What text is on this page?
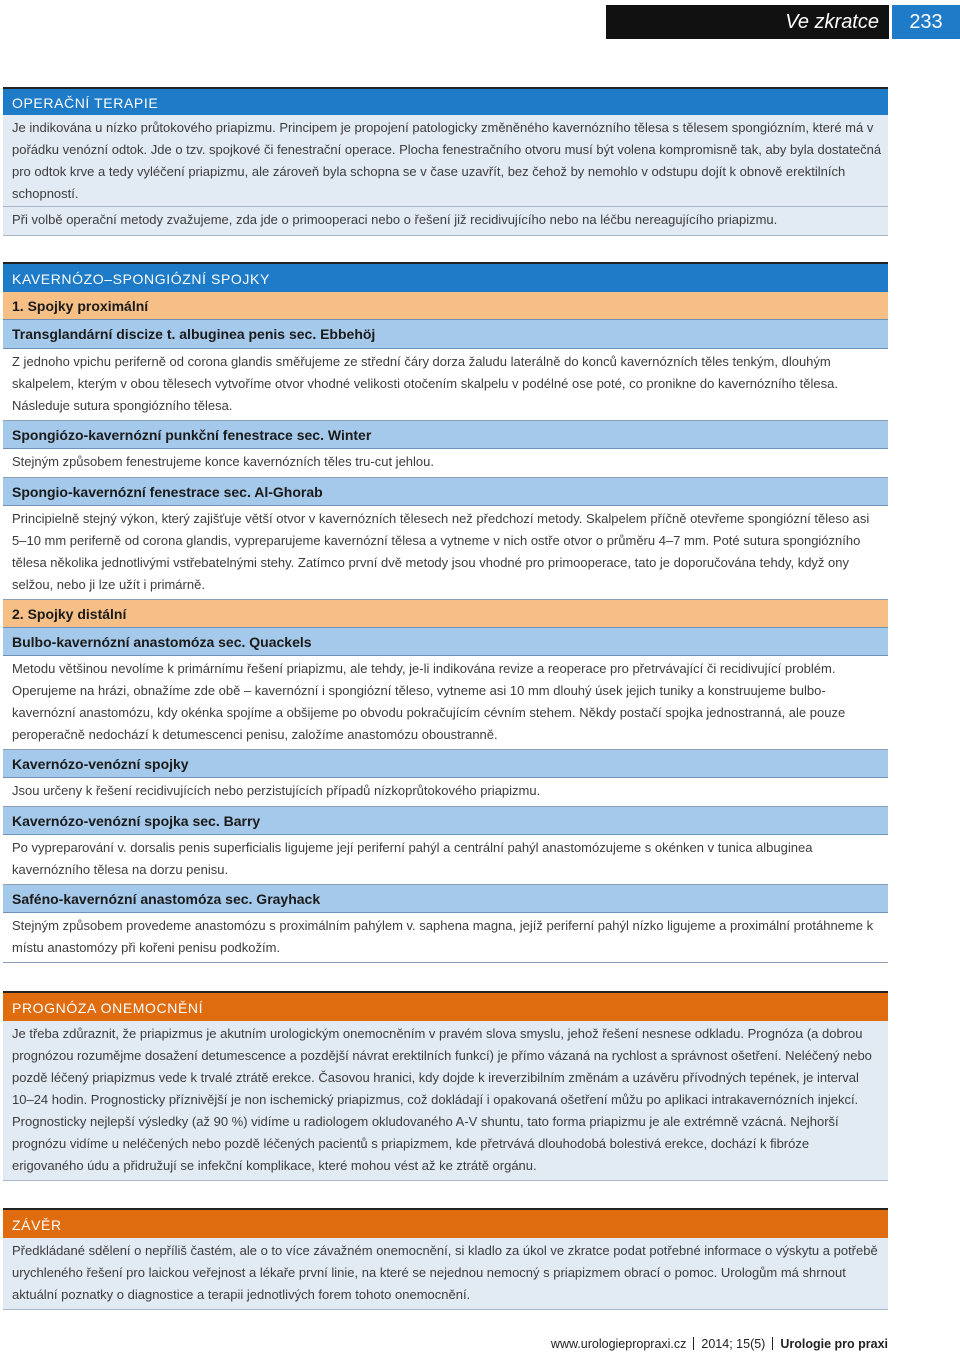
Ve zkratce	233
OPERAČNÍ TERAPIE
Je indikována u nízko průtokového priapizmu. Principem je propojení patologicky změněného kavernózního tělesa s tělesem spongiózním, které má v pořádku venózní odtok. Jde o tzv. spojkové či fenestrační operace. Plocha fenestračního otvoru musí být volena kompromisně tak, aby byla dostatečná pro odtok krve a tedy vyléčení priapizmu, ale zároveň byla schopna se v čase uzavřít, bez čehož by nemohlo v odstupu dojít k obnově erektilních schopností.
Při volbě operační metody zvažujeme, zda jde o primooperaci nebo o řešení již recidivujícího nebo na léčbu nereagujícího priapizmu.
KAVERNÓZO–SPONGIÓZNÍ SPOJKY
1. Spojky proximální
Transglandární discize t. albuginea penis sec. Ebbehöj
Z jednoho vpichu periferně od corona glandis směřujeme ze střední čáry dorza žaludu laterálně do konců kavernózních těles tenkým, dlouhým skalpelem, kterým v obou tělesech vytvoříme otvor vhodné velikosti otočením skalpelu v podélné ose poté, co pronikne do kavernózního tělesa. Následuje sutura spongiózního tělesa.
Spongiózo-kavernózní punkční fenestrace sec. Winter
Stejným způsobem fenestrujeme konce kavernózních těles tru-cut jehlou.
Spongio-kavernózní fenestrace sec. Al-Ghorab
Principielně stejný výkon, který zajišťuje větší otvor v kavernózních tělesech než předchozí metody. Skalpelem příčně otevřeme spongiózní těleso asi 5–10 mm periferně od corona glandis, vypreparujeme kavernózní tělesa a vytneme v nich ostře otvor o průměru 4–7 mm. Poté sutura spongiózního tělesa několika jednotlivými vstřebatelnými stehy. Zatímco první dvě metody jsou vhodné pro primooperace, tato je doporučována tehdy, když ony selžou, nebo ji lze užít i primárně.
2. Spojky distální
Bulbo-kavernózní anastomóza sec. Quackels
Metodu většinou nevolíme k primárnímu řešení priapizmu, ale tehdy, je-li indikována revize a reoperace pro přetrvávající či recidivující problém. Operujeme na hrázi, obnažíme zde obě – kavernózní i spongiózní těleso, vytneme asi 10 mm dlouhý úsek jejich tuniky a konstruujeme bulbo-kavernózní anastomózu, kdy okénka spojíme a obšijeme po obvodu pokračujícím cévním stehem. Někdy postačí spojka jednostranná, ale pouze peroperačně nedochází k detumescenci penisu, založíme anastomózu oboustranně.
Kavernózo-venózní spojky
Jsou určeny k řešení recidivujících nebo perzistujících případů nízkoprůtokového priapizmu.
Kavernózo-venózní spojka sec. Barry
Po vypreparování v. dorsalis penis superficialis ligujeme její periferní pahýl a centrální pahýl anastomózujeme s okénken v tunica albuginea kavernózního tělesa na dorzu penisu.
Saféno-kavernózní anastomóza sec. Grayhack
Stejným způsobem provedeme anastomózu s proximálním pahýlem v. saphena magna, jejíž periferní pahýl nízko ligujeme a proximální protáhneme k místu anastomózy při kořeni penisu podkožím.
PROGNÓZA ONEMOCNĚNÍ
Je třeba zdůraznit, že priapizmus je akutním urologickým onemocněním v pravém slova smyslu, jehož řešení nesnese odkladu. Prognóza (a dobrou prognózou rozumějme dosažení detumescence a pozdější návrat erektilních funkcí) je přímo vázaná na rychlost a správnost ošetření. Neléčený nebo pozdě léčený priapizmus vede k trvalé ztrátě erekce. Časovou hranici, kdy dojde k ireverzibilním změnám a uzávěru přívodných tepének, je interval 10–24 hodin. Prognosticky příznivější je non ischemický priapizmus, což dokládají i opakovaná ošetření můžu po aplikaci intrakavernózních injekcí. Prognosticky nejlepší výsledky (až 90 %) vidíme u radiologem okludovaného A-V shuntu, tato forma priapizmu je ale extrémně vzácná. Nejhorší prognózu vidíme u neléčených nebo pozdě léčených pacientů s priapizmem, kde přetrvává dlouhodobá bolestivá erekce, dochází k fibróze erigovaného údu a přidružují se infekční komplikace, které mohou vést až ke ztrátě orgánu.
ZÁVĚR
Předkládané sdělení o nepříliš častém, ale o to více závažném onemocnění, si kladlo za úkol ve zkratce podat potřebné informace o výskytu a potřebě urychleného řešení pro laickou veřejnost a lékaře první linie, na které se nejednou nemocný s priapizmem obrací o pomoc. Urologům má shrnout aktuální poznatky o diagnostice a terapii jednotlivých forem tohoto onemocnění.
www.urologiepropraxi.cz 2014; 15(5) Urologie pro praxi
